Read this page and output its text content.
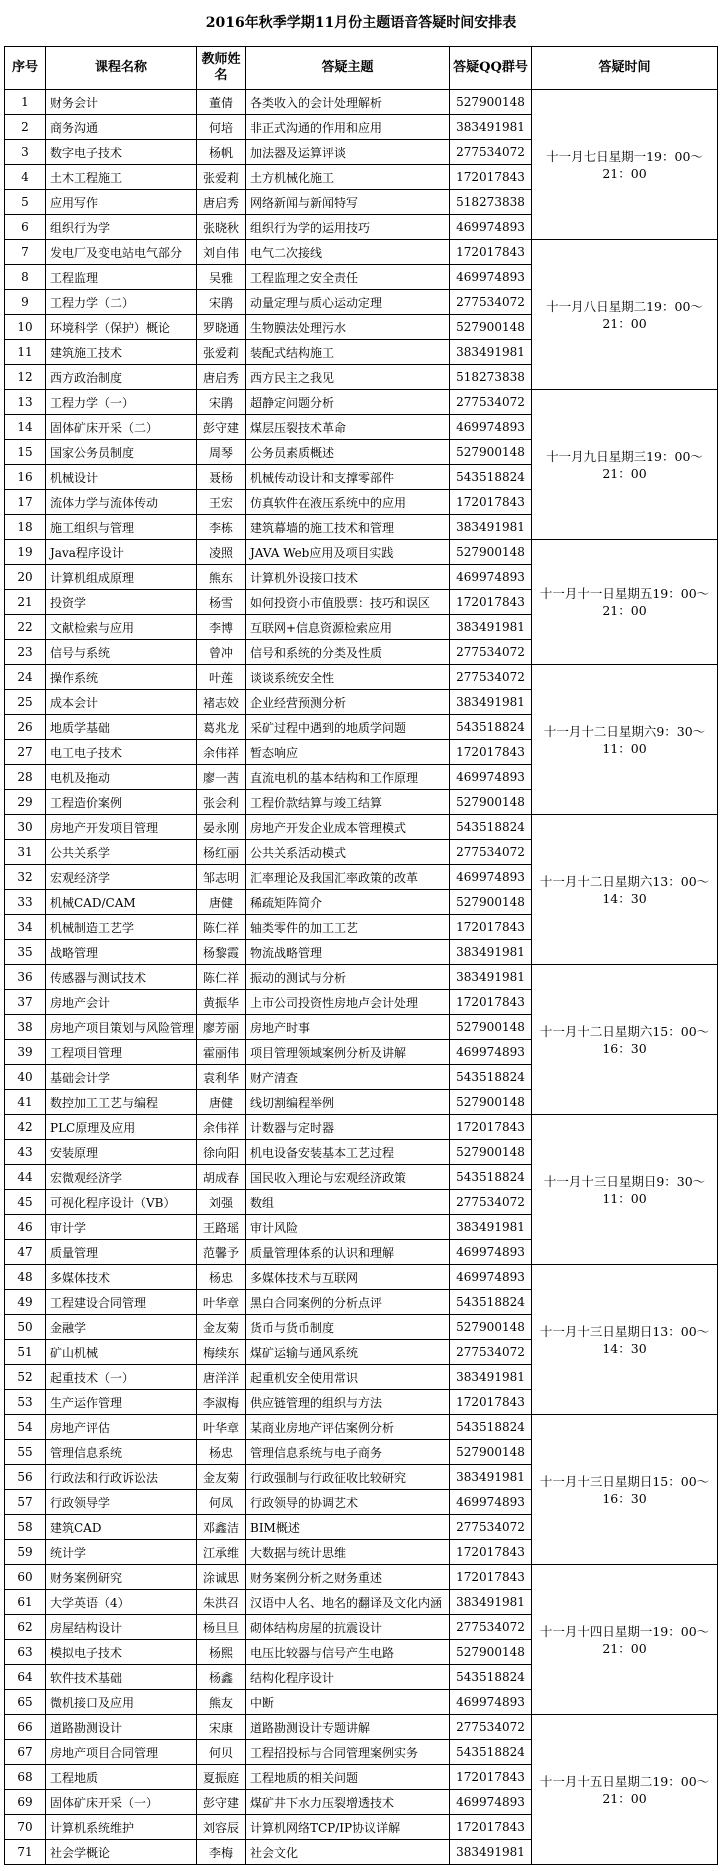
2016年秋季学期11月份主题语音答疑时间安排表
序号	课程名称	教师姓名	答疑主题	答疑QQ群号	答疑时间
1	财务会计	董倩	各类收入的会计处理解析	527900148	十一月七日星期一19：00～21：00
2	商务沟通	何培	非正式沟通的作用和应用	383491981	
3	数字电子技术	杨帆	加法器及运算评谈	277534072	
4	土木工程施工	张爱莉	土方机械化施工	172017843	
5	应用写作	唐启秀	网络新闻与新闻特写	518273838	
6	组织行为学	张晓秋	组织行为学的运用技巧	469974893	
7	发电厂及变电站电气部分	刘自伟	电气二次接线	172017843	十一月八日星期二19：00～21：00
8	工程监理	吴雅	工程监理之安全责任	469974893	
9	工程力学（二）	宋鹃	动量定理与质心运动定理	277534072	
10	环境科学（保护）概论	罗晓通	生物膜法处理污水	527900148	
11	建筑施工技术	张爱莉	装配式结构施工	383491981	
12	西方政治制度	唐启秀	西方民主之我见	518273838	
13	工程力学（一）	宋鹃	超静定问题分析	277534072	十一月九日星期三19：00～21：00
14	固体矿床开采（二）	彭守建	煤层压裂技术革命	469974893	
15	国家公务员制度	周琴	公务员素质概述	527900148	
16	机械设计	聂杨	机械传动设计和支撑零部件	543518824	
17	流体力学与流体传动	王宏	仿真软件在液压系统中的应用	172017843	
18	施工组织与管理	李栋	建筑幕墙的施工技术和管理	383491981	
19	Java程序设计	凌照	JAVA Web应用及项目实践	527900148	十一月十一日星期五19：00～21：00
20	计算机组成原理	熊东	计算机外设接口技术	469974893	
21	投资学	杨雪	如何投资小市值股票：技巧和误区	172017843	
22	文献检索与应用	李博	互联网+信息资源检索应用	383491981	
23	信号与系统	曾冲	信号和系统的分类及性质	277534072	
24	操作系统	叶莲	谈谈系统安全性	277534072	十一月十二日星期六9：30～11：00
25	成本会计	褚志姣	企业经营预测分析	383491981	
26	地质学基础	葛兆龙	采矿过程中遇到的地质学问题	543518824	
27	电工电子技术	余伟祥	暂态响应	172017843	
28	电机及拖动	廖一茜	直流电机的基本结构和工作原理	469974893	
29	工程造价案例	张会利	工程价款结算与竣工结算	527900148	
30	房地产开发项目管理	晏永刚	房地产开发企业成本管理模式	543518824	十一月十二日星期六13：00～14：30
31	公共关系学	杨红丽	公共关系活动模式	277534072	
32	宏观经济学	邹志明	汇率理论及我国汇率政策的改革	469974893	
33	机械CAD/CAM	唐健	稀疏矩阵简介	527900148	
34	机械制造工艺学	陈仁祥	轴类零件的加工工艺	172017843	
35	战略管理	杨黎霞	物流战略管理	383491981	
36	传感器与测试技术	陈仁祥	振动的测试与分析	383491981	十一月十二日星期六15：00～16：30
37	房地产会计	黄振华	上市公司投资性房地卢会计处理	172017843	
38	房地产项目策划与风险管理	廖芳丽	房地产时事	527900148	
39	工程项目管理	霍丽伟	项目管理领域案例分析及讲解	469974893	
40	基础会计学	袁利华	财产清查	543518824	
41	数控加工工艺与编程	唐健	线切割编程举例	527900148	
42	PLC原理及应用	余伟祥	计数器与定时器	172017843	十一月十三日星期日9：30～11：00
43	安装原理	徐向阳	机电设备安装基本工艺过程	527900148	
44	宏微观经济学	胡成春	国民收入理论与宏观经济政策	543518824	
45	可视化程序设计（VB）	刘强	数组	277534072	
46	审计学	王路瑶	审计风险	383491981	
47	质量管理	范馨予	质量管理体系的认识和理解	469974893	
48	多媒体技术	杨忠	多媒体技术与互联网	469974893	十一月十三日星期日13：00～14：30
49	工程建设合同管理	叶华章	黑白合同案例的分析点评	543518824	
50	金融学	金友菊	货币与货币制度	527900148	
51	矿山机械	梅续东	煤矿运输与通风系统	277534072	
52	起重技术（一）	唐洋洋	起重机安全使用常识	383491981	
53	生产运作管理	李淑梅	供应链管理的组织与方法	172017843	
54	房地产评估	叶华章	某商业房地产评估案例分析	543518824	十一月十三日星期日15：00～16：30
55	管理信息系统	杨忠	管理信息系统与电子商务	527900148	
56	行政法和行政诉讼法	金友菊	行政强制与行政征收比较研究	383491981	
57	行政领导学	何凤	行政领导的协调艺术	469974893	
58	建筑CAD	邓鑫洁	BIM概述	277534072	
59	统计学	江承维	大数据与统计思维	172017843	
60	财务案例研究	涂诚思	财务案例分析之财务重述	172017843	十一月十四日星期一19：00～21：00
61	大学英语（4）	朱洪召	汉语中人名、地名的翻译及文化内涵	383491981	
62	房屋结构设计	杨旦旦	砌体结构房屋的抗震设计	277534072	
63	模拟电子技术	杨熙	电压比较器与信号产生电路	527900148	
64	软件技术基础	杨鑫	结构化程序设计	543518824	
65	微机接口及应用	熊友	中断	469974893	
66	道路勘测设计	宋康	道路勘测设计专题讲解	277534072	十一月十五日星期二19：00～21：00
67	房地产项目合同管理	何贝	工程招投标与合同管理案例实务	543518824	
68	工程地质	夏振庭	工程地质的相关问题	172017843	
69	固体矿床开采（一）	彭守建	煤矿井下水力压裂增透技术	469974893	
70	计算机系统维护	刘容辰	计算机网络TCP/IP协议详解	172017843	
71	社会学概论	李梅	社会文化	383491981	
